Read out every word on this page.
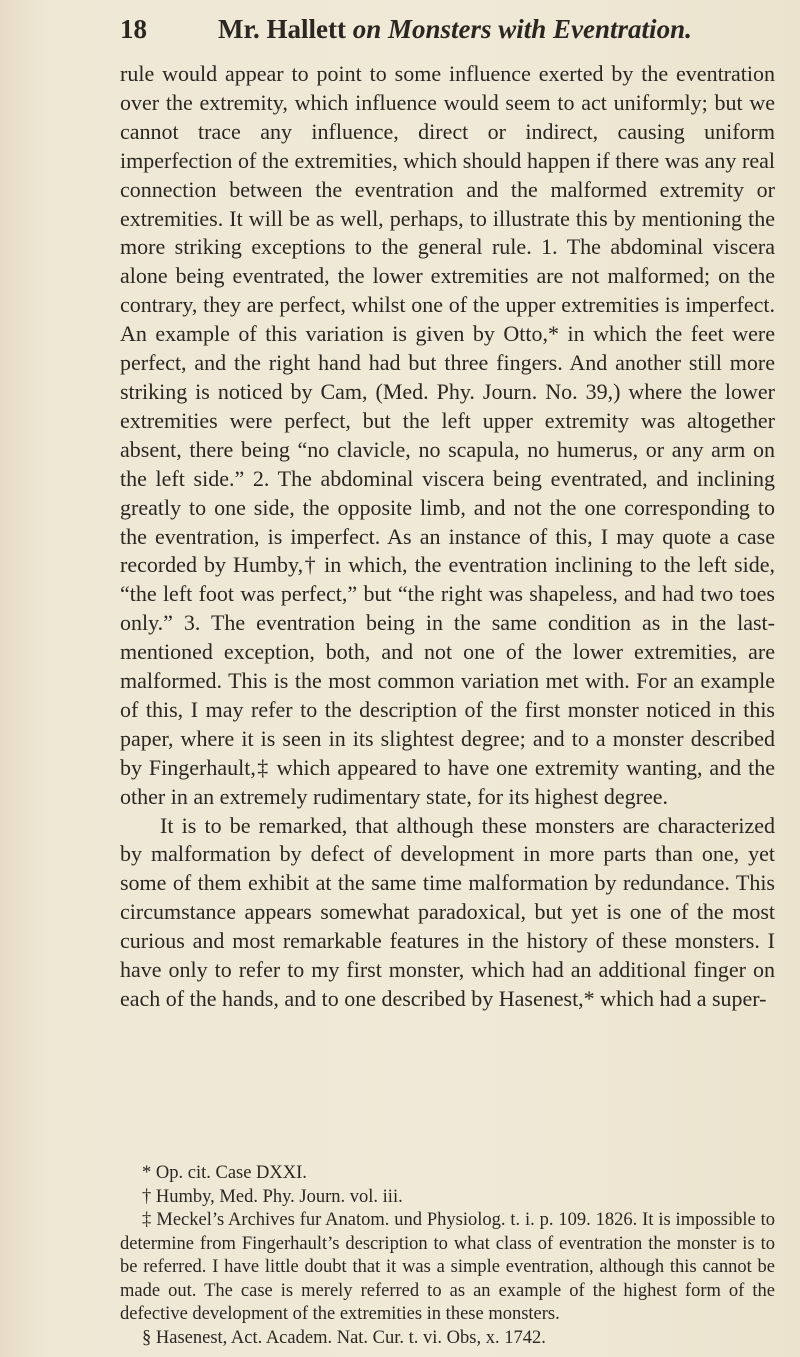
18	Mr. Hallett on Monsters with Eventration.

rule would appear to point to some influence exerted by the eventration over the extremity, which influence would seem to act uniformly; but we cannot trace any influence, direct or indirect, causing uniform imperfection of the extremities, which should happen if there was any real connection between the eventration and the malformed extremity or extremities. It will be as well, perhaps, to illustrate this by mentioning the more striking exceptions to the general rule. 1. The abdominal viscera alone being eventrated, the lower extremities are not malformed; on the contrary, they are perfect, whilst one of the upper extremities is imperfect. An example of this variation is given by Otto,* in which the feet were perfect, and the right hand had but three fingers. And another still more striking is noticed by Cam, (Med. Phy. Journ. No. 39,) where the lower extremities were perfect, but the left upper extremity was altogether absent, there being “no clavicle, no scapula, no humerus, or any arm on the left side.” 2. The abdominal viscera being eventrated, and inclining greatly to one side, the opposite limb, and not the one corresponding to the eventration, is imperfect. As an instance of this, I may quote a case recorded by Humby,† in which, the eventration inclining to the left side, “the left foot was perfect,” but “the right was shapeless, and had two toes only.” 3. The eventration being in the same condition as in the last-mentioned exception, both, and not one of the lower extremities, are malformed. This is the most common variation met with. For an example of this, I may refer to the description of the first monster noticed in this paper, where it is seen in its slightest degree; and to a monster described by Fingerhault,‡ which appeared to have one extremity wanting, and the other in an extremely rudimentary state, for its highest degree.

It is to be remarked, that although these monsters are characterized by malformation by defect of development in more parts than one, yet some of them exhibit at the same time malformation by redundance. This circumstance appears somewhat paradoxical, but yet is one of the most curious and most remarkable features in the history of these monsters. I have only to refer to my first monster, which had an additional finger on each of the hands, and to one described by Hasenest,* which had a super-

* Op. cit. Case DXXI.

† Humby, Med. Phy. Journ. vol. iii.

‡ Meckel’s Archives fur Anatom. und Physiolog. t. i. p. 109. 1826. It is impossible to determine from Fingerhault’s description to what class of eventration the monster is to be referred. I have little doubt that it was a simple eventration, although this cannot be made out. The case is merely referred to as an example of the highest form of the defective development of the extremities in these monsters.

§ Hasenest, Act. Academ. Nat. Cur. t. vi. Obs, x. 1742.
